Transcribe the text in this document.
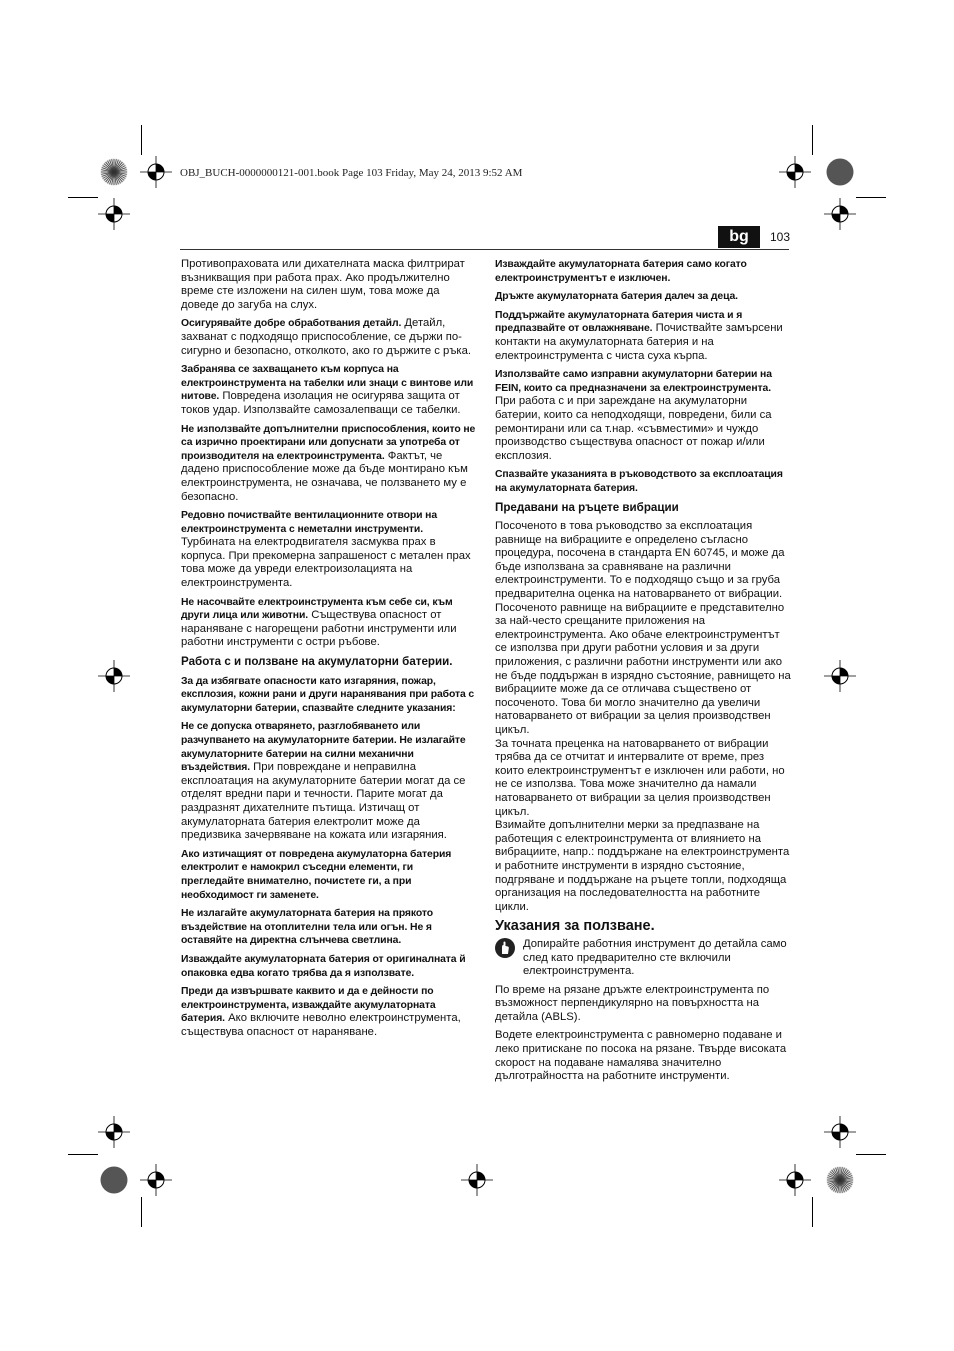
OBJ_BUCH-0000000121-001.book Page 103 Friday, May 24, 2013 9:52 AM
bg	103

Противопраховата или дихателната маска филтрират възникващия при работа прах. Ако продължително време сте изложени на силен шум, това може да доведе до загуба на слух.

Осигурявайте добре обработвания детайл. Детайл, захванат с подходящо приспособление, се държи по-сигурно и безопасно, отколкото, ако го държите с ръка.

Забранява се захващането към корпуса на електроинструмента на табелки или знаци с винтове или нитове. Повредена изолация не осигурява защита от токов удар. Използвайте самозалепващи се табелки.

Не използвайте допълнителни приспособления, които не са изрично проектирани или допуснати за употреба от производителя на електроинструмента. Фактът, че дадено приспособление може да бъде монтирано към електроинструмента, не означава, че ползването му е безопасно.

Редовно почиствайте вентилационните отвори на електроинструмента с неметални инструменти. Турбината на електродвигателя засмуква прах в корпуса. При прекомерна запрашеност с метален прах това може да увреди електроизолацията на електроинструмента.

Не насочвайте електроинструмента към себе си, към други лица или животни. Съществува опасност от нараняване с нагорещени работни инструменти или работни инструменти с остри ръбове.

Работа с и ползване на акумулаторни батерии.

За да избягвате опасности като изгаряния, пожар, експлозия, кожни рани и други наранявания при работа с акумулаторни батерии, спазвайте следните указания:

Не се допуска отварянето, разглобяването или разчупването на акумулаторните батерии. Не излагайте акумулаторните батерии на силни механични въздействия. При повреждане и неправилна експлоатация на акумулаторните батерии могат да се отделят вредни пари и течности. Парите могат да раздразнят дихателните пътища. Изтичащ от акумулаторната батерия електролит може да предизвика зачервяване на кожата или изгаряния.

Ако изтичащият от повредена акумулаторна батерия електролит е намокрил съседни елементи, ги прегледайте внимателно, почистете ги, а при необходимост ги заменете.

Не излагайте акумулаторната батерия на прякото въздействие на отоплителни тела или огън. Не я оставяйте на директна слънчева светлина.

Изваждайте акумулаторната батерия от оригиналната й опаковка едва когато трябва да я използвате.

Преди да извършвате каквито и да е дейности по електроинструмента, изваждайте акумулаторната батерия. Ако включите неволно електроинструмента, съществува опасност от нараняване.

Изваждайте акумулаторната батерия само когато електроинструментът е изключен.

Дръжте акумулаторната батерия далеч за деца.

Поддържайте акумулаторната батерия чиста и я предпазвайте от овлажняване. Почиствайте замърсени контакти на акумулаторната батерия и на електроинструмента с чиста суха кърпа.

Използвайте само изправни акумулаторни батерии на FEIN, които са предназначени за електроинструмента. При работа с и при зареждане на акумулаторни батерии, които са неподходящи, повредени, били са ремонтирани или са т.нар. «съвместими» и чуждо производство съществува опасност от пожар и/или експлозия.

Спазвайте указанията в ръководството за експлоатация на акумулаторната батерия.

Предавани на ръцете вибрации

Посоченото в това ръководство за експлоатация равнище на вибрациите е определено съгласно процедура, посочена в стандарта EN 60745, и може да бъде използвана за сравняване на различни електроинструменти. То е подходящо също и за груба предварителна оценка на натоварването от вибрации.

Посоченото равнище на вибрациите е представително за най-често срещаните приложения на електроинструмента. Ако обаче електроинструментът се използва при други работни условия и за други приложения, с различни работни инструменти или ако не бъде поддържан в изрядно състояние, равнището на вибрациите може да се отличава съществено от посоченото. Това би могло значително да увеличи натоварването от вибрации за целия производствен цикъл.

За точната преценка на натоварването от вибрации трябва да се отчитат и интервалите от време, през които електроинструментът е изключен или работи, но не се използва. Това може значително да намали натоварването от вибрации за целия производствен цикъл.

Взимайте допълнителни мерки за предпазване на работещия с електроинструмента от влиянието на вибрациите, напр.: поддържане на електроинструмента и работните инструменти в изрядно състояние, подгряване и поддържане на ръцете топли, подходяща организация на последователността на работните цикли.

Указания за ползване.
Допирайте работния инструмент до детайла само след като предварително сте включили електроинструмента.

По време на рязане дръжте електроинструмента по възможност перпендикулярно на повърхността на детайла (ABLS).

Водете електроинструмента с равномерно подаване и леко притискане по посока на рязане. Твърде високата скорост на подаване намалява значително дълготрайността на работните инструменти.
